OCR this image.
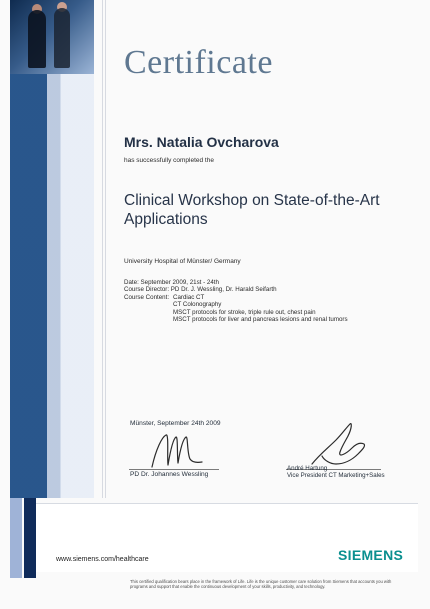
Certificate
Mrs. Natalia Ovcharova
has successfully completed the
Clinical Workshop on State-of-the-Art Applications
University Hospital of Münster/ Germany
Date: September 2009, 21st - 24th
Course Director: PD Dr. J. Wessling, Dr. Harald Seifarth
Course Content: Cardiac CT
CT Colonography
MSCT protocols for stroke, triple rule out, chest pain
MSCT protocols for liver and pancreas lesions and renal tumors
Münster, September 24th 2009
PD Dr. Johannes Wessling
André Hartung
Vice President CT Marketing+Sales
www.siemens.com/healthcare	SIEMENS
This certified qualification bears place in the framework of Life. Life is the unique customer care solution from Siemens that accounts you with programs and support that enable the continuous development of your skills, productivity, and technology.
